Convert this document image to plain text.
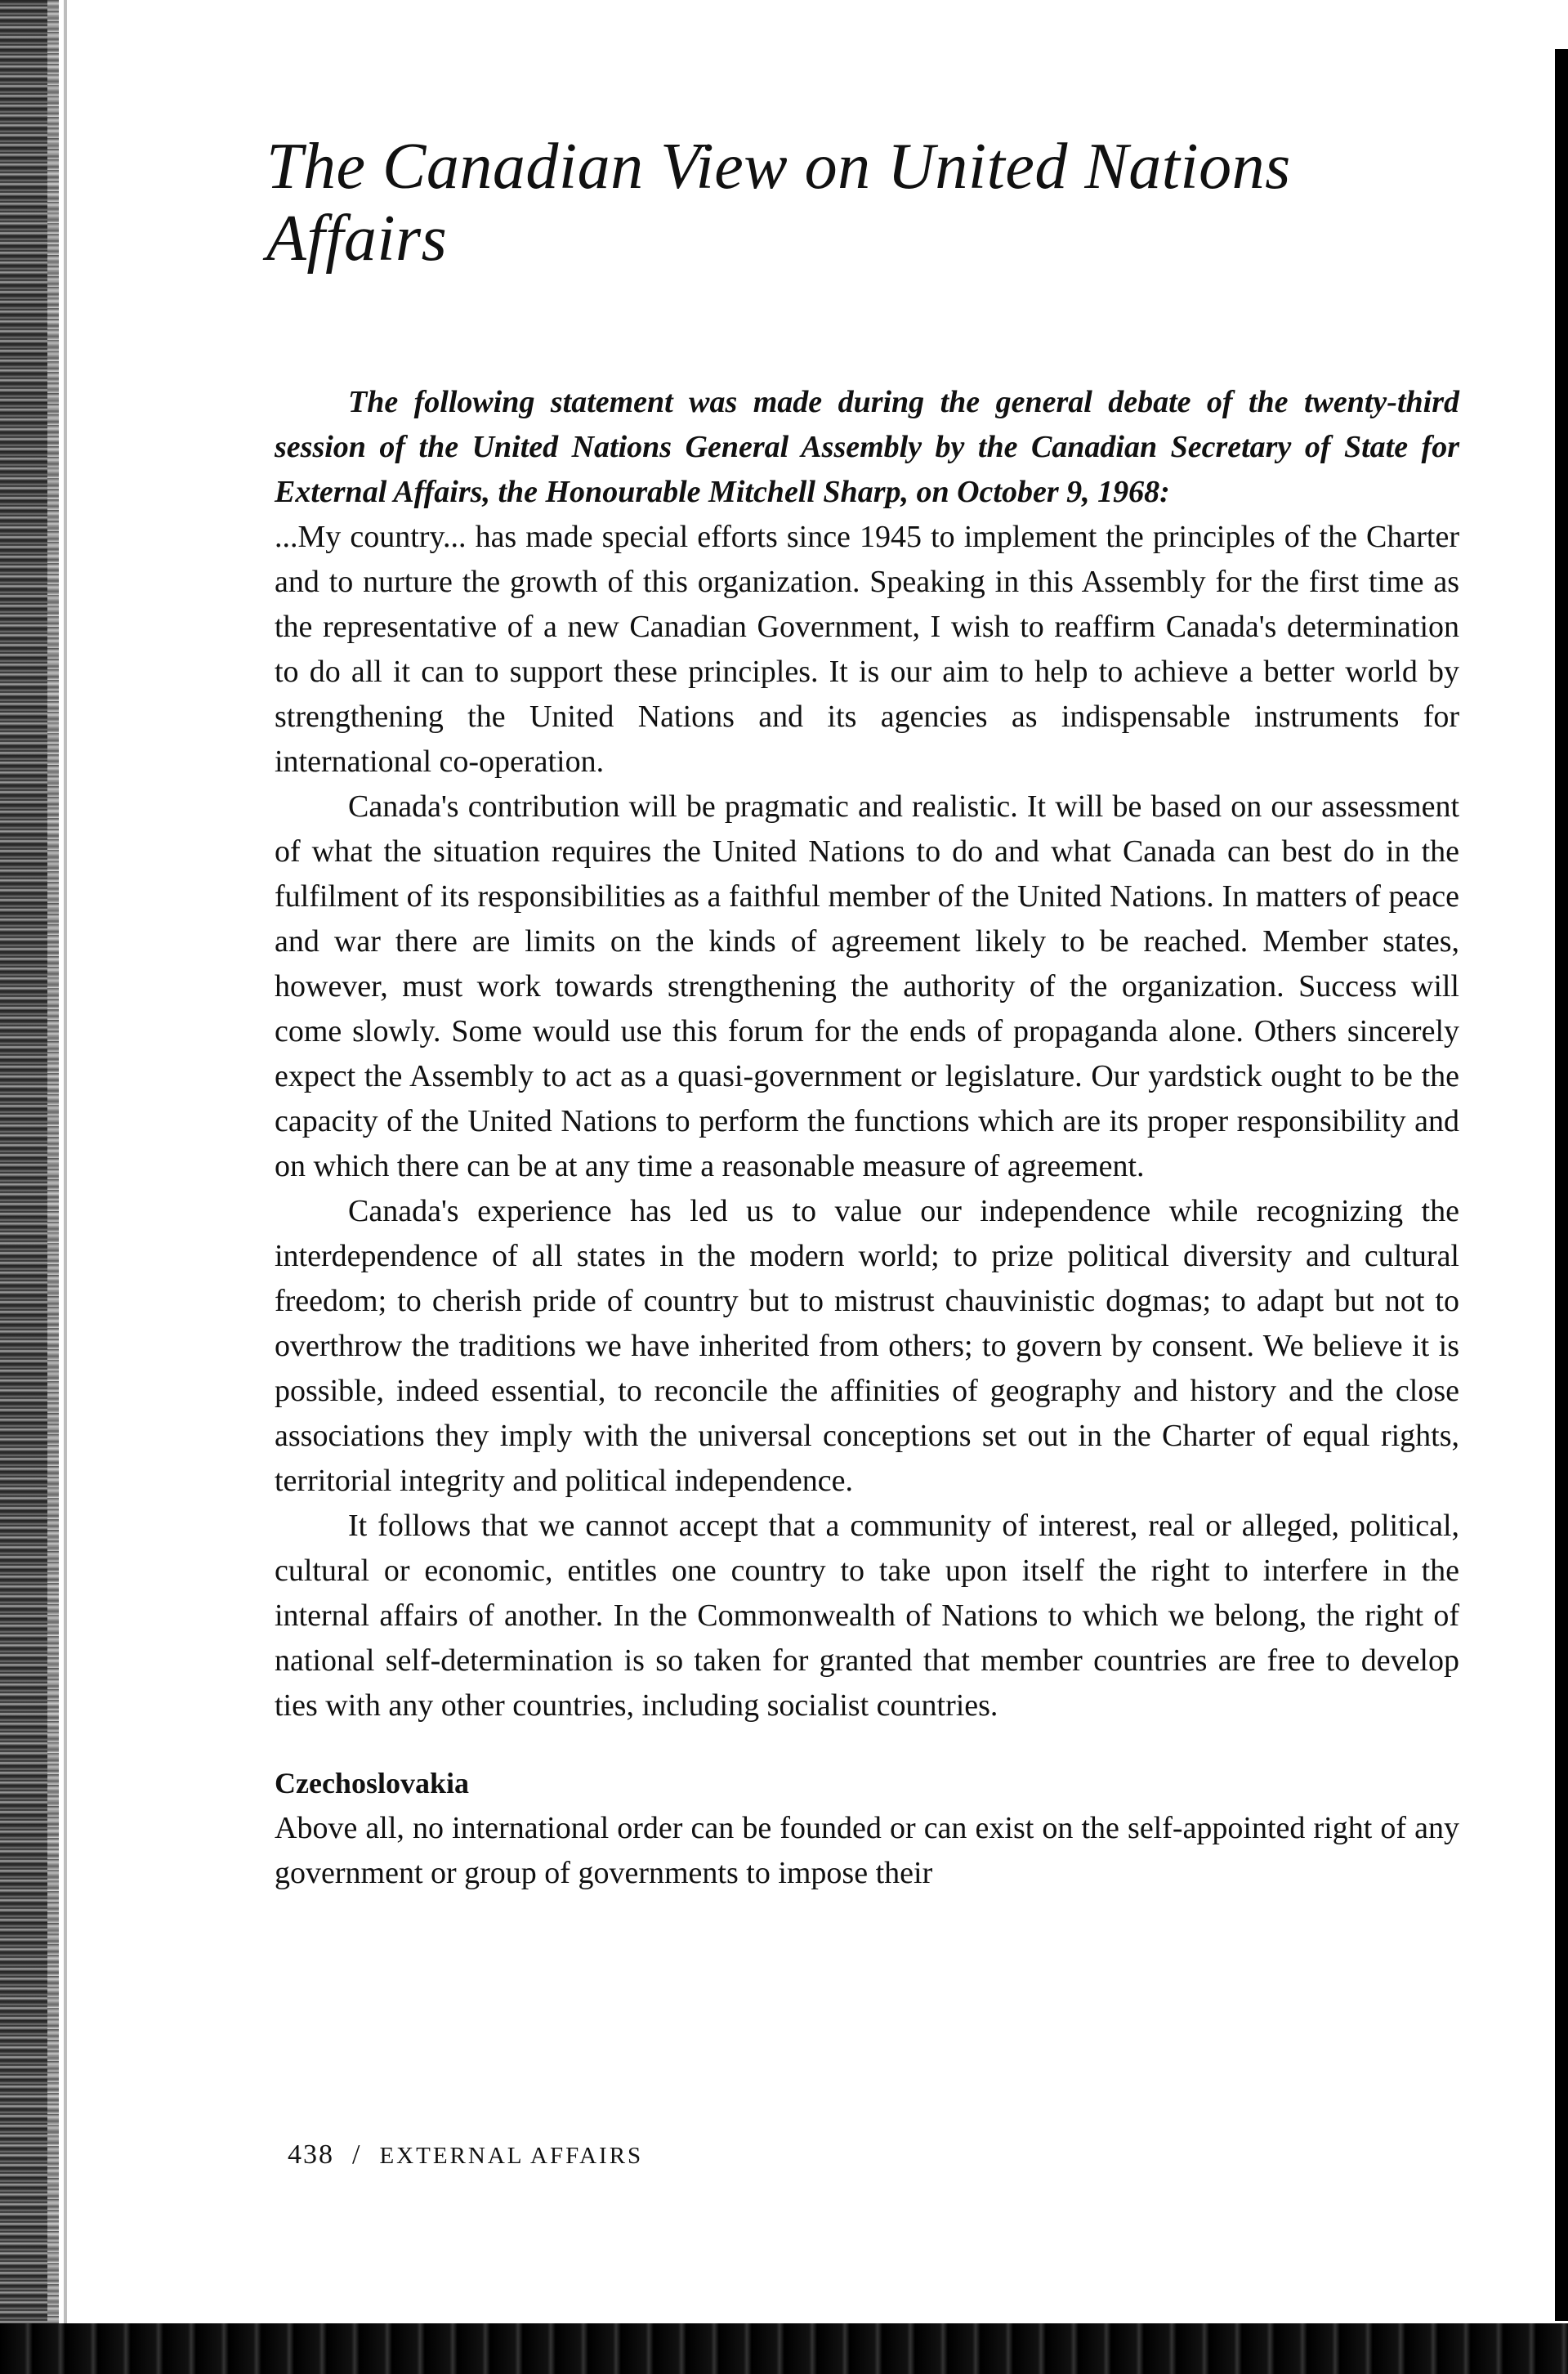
The Canadian View on United Nations Affairs

The following statement was made during the general debate of the twenty-third session of the United Nations General Assembly by the Canadian Secretary of State for External Affairs, the Honourable Mitchell Sharp, on October 9, 1968:

...My country... has made special efforts since 1945 to implement the principles of the Charter and to nurture the growth of this organization. Speaking in this Assembly for the first time as the representative of a new Canadian Government, I wish to reaffirm Canada's determination to do all it can to support these principles. It is our aim to help to achieve a better world by strengthening the United Nations and its agencies as indispensable instruments for international co-operation.

Canada's contribution will be pragmatic and realistic. It will be based on our assessment of what the situation requires the United Nations to do and what Canada can best do in the fulfilment of its responsibilities as a faithful member of the United Nations. In matters of peace and war there are limits on the kinds of agreement likely to be reached. Member states, however, must work towards strengthening the authority of the organization. Success will come slowly. Some would use this forum for the ends of propaganda alone. Others sincerely expect the Assembly to act as a quasi-government or legislature. Our yardstick ought to be the capacity of the United Nations to perform the functions which are its proper responsibility and on which there can be at any time a reasonable measure of agreement.

Canada's experience has led us to value our independence while recognizing the interdependence of all states in the modern world; to prize political diversity and cultural freedom; to cherish pride of country but to mistrust chauvinistic dogmas; to adapt but not to overthrow the traditions we have inherited from others; to govern by consent. We believe it is possible, indeed essential, to reconcile the affinities of geography and history and the close associations they imply with the universal conceptions set out in the Charter of equal rights, territorial integrity and political independence.

It follows that we cannot accept that a community of interest, real or alleged, political, cultural or economic, entitles one country to take upon itself the right to interfere in the internal affairs of another. In the Commonwealth of Nations to which we belong, the right of national self-determination is so taken for granted that member countries are free to develop ties with any other countries, including socialist countries.

Czechoslovakia

Above all, no international order can be founded or can exist on the self-appointed right of any government or group of governments to impose their

438 / EXTERNAL AFFAIRS
